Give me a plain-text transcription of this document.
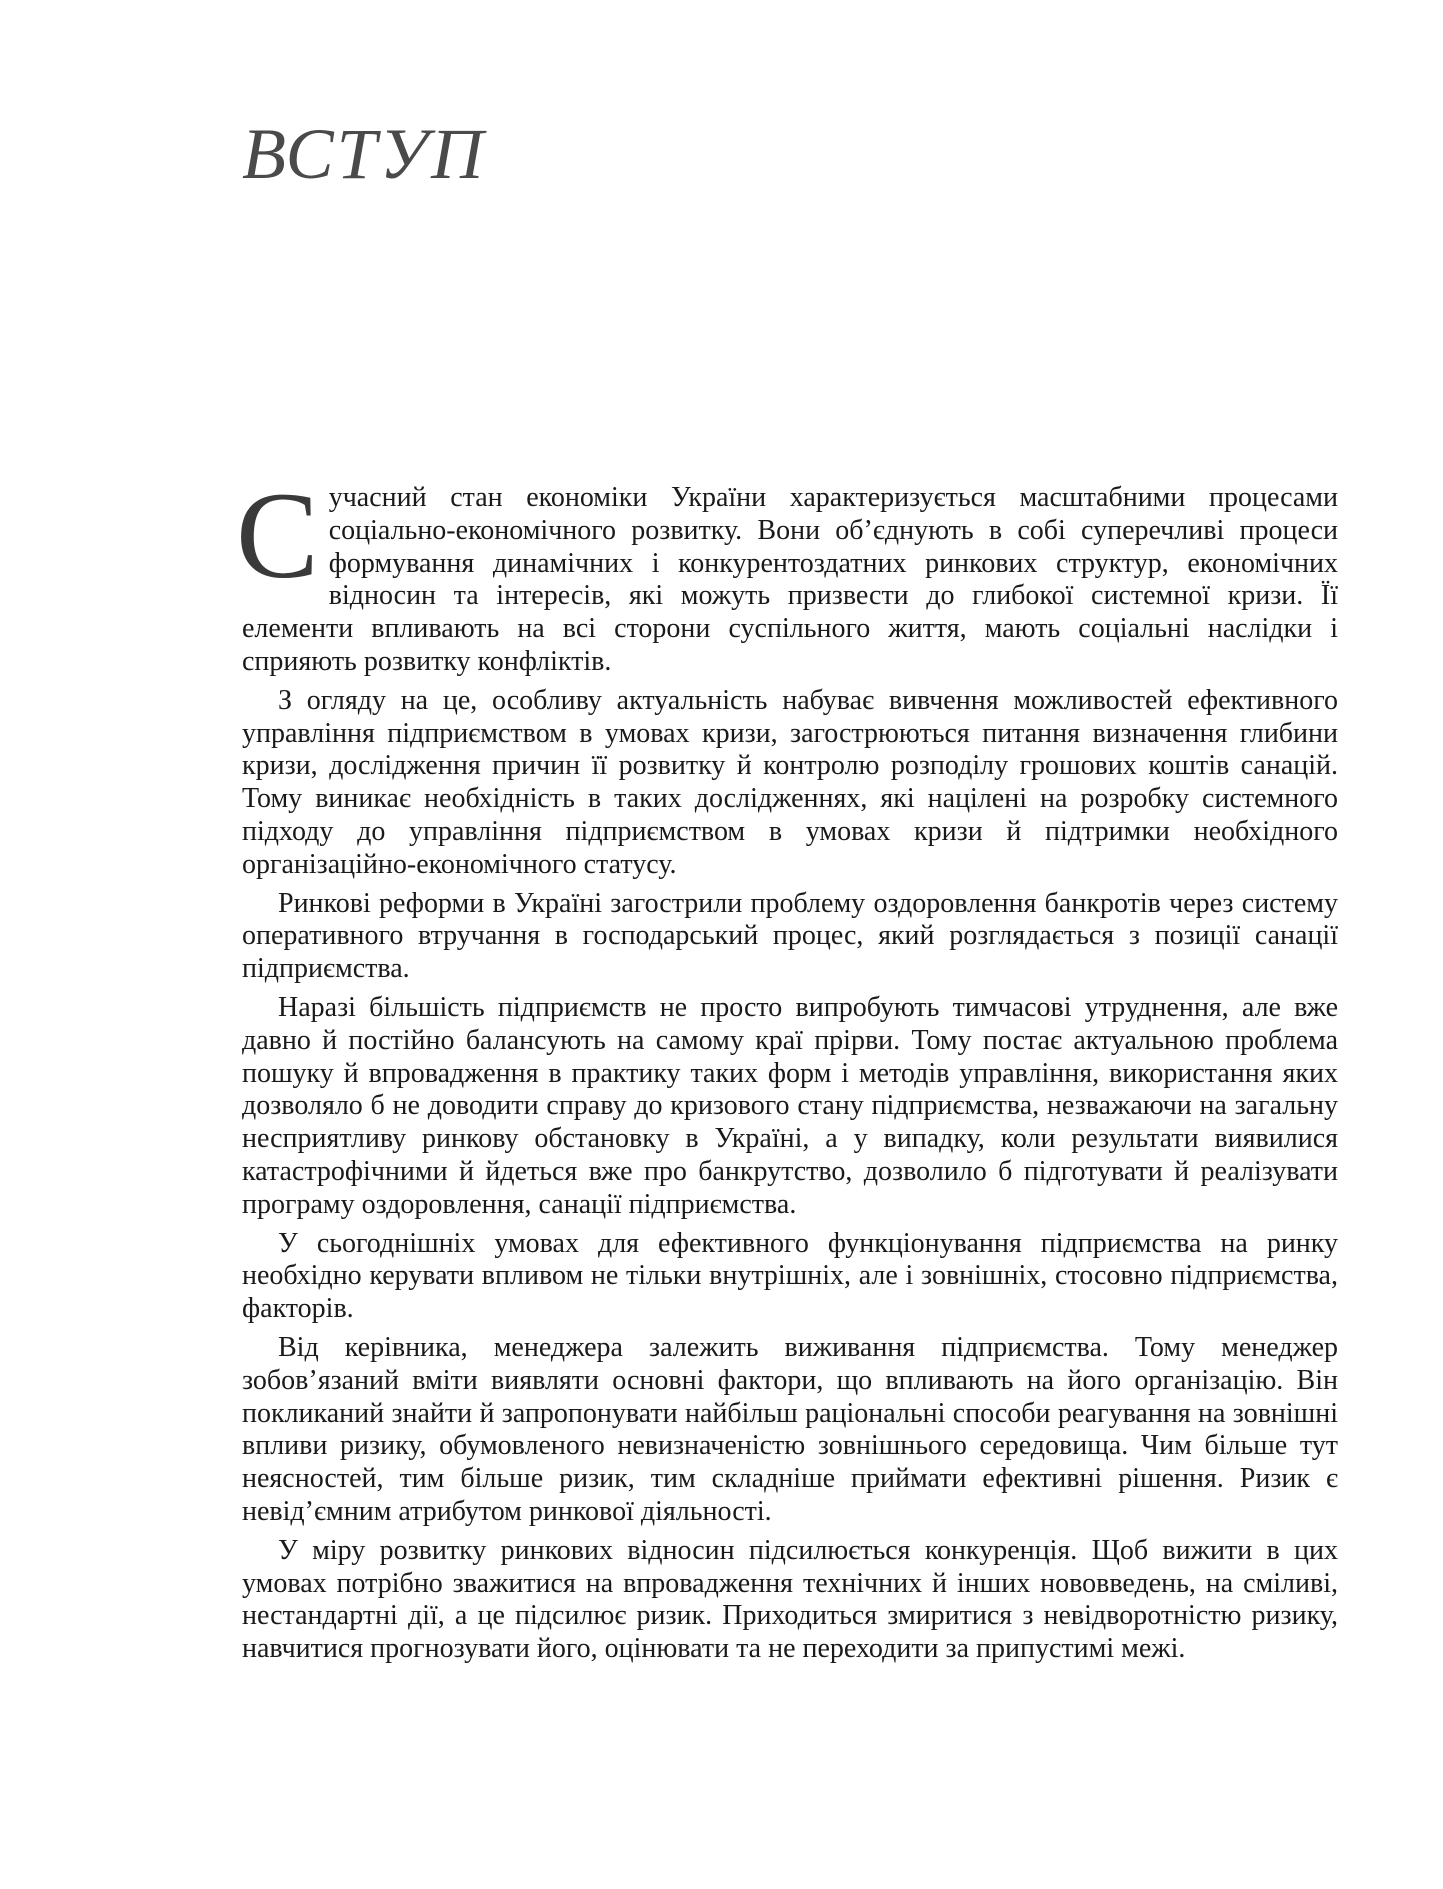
ВСТУП

Сучасний стан економіки України характеризується масштабними процесами соціально-економічного розвитку. Вони об’єднують в собі суперечливі процеси формування динамічних і конкурентоздатних ринкових структур, економічних відносин та інтересів, які можуть призвести до глибокої системної кризи. Її елементи впливають на всі сторони суспільного життя, мають соціальні наслідки і сприяють розвитку конфліктів.

З огляду на це, особливу актуальність набуває вивчення можливостей ефективного управління підприємством в умовах кризи, загострюються питання визначення глибини кризи, дослідження причин її розвитку й контролю розподілу грошових коштів санацій. Тому виникає необхідність в таких дослідженнях, які націлені на розробку системного підходу до управління підприємством в умовах кризи й підтримки необхідного організаційно-економічного статусу.

Ринкові реформи в Україні загострили проблему оздоровлення банкротів через систему оперативного втручання в господарський процес, який розглядається з позиції санації підприємства.

Наразі більшість підприємств не просто випробують тимчасові утруднення, але вже давно й постійно балансують на самому краї прірви. Тому постає актуальною проблема пошуку й впровадження в практику таких форм і методів управління, використання яких дозволяло б не доводити справу до кризового стану підприємства, незважаючи на загальну несприятливу ринкову обстановку в Україні, а у випадку, коли результати виявилися катастрофічними й йдеться вже про банкрутство, дозволило б підготувати й реалізувати програму оздоровлення, санації підприємства.

У сьогоднішніх умовах для ефективного функціонування підприємства на ринку необхідно керувати впливом не тільки внутрішніх, але і зовнішніх, стосовно підприємства, факторів.

Від керівника, менеджера залежить виживання підприємства. Тому менеджер зобов’язаний вміти виявляти основні фактори, що впливають на його організацію. Він покликаний знайти й запропонувати найбільш раціональні способи реагування на зовнішні впливи ризику, обумовленого невизначеністю зовнішнього середовища. Чим більше тут неясностей, тим більше ризик, тим складніше приймати ефективні рішення. Ризик є невід’ємним атрибутом ринкової діяльності.

У міру розвитку ринкових відносин підсилюється конкуренція. Щоб вижити в цих умовах потрібно зважитися на впровадження технічних й інших нововведень, на сміливі, нестандартні дії, а це підсилює ризик. Приходиться змиритися з невідворотністю ризику, навчитися прогнозувати його, оцінювати та не переходити за припустимі межі.
